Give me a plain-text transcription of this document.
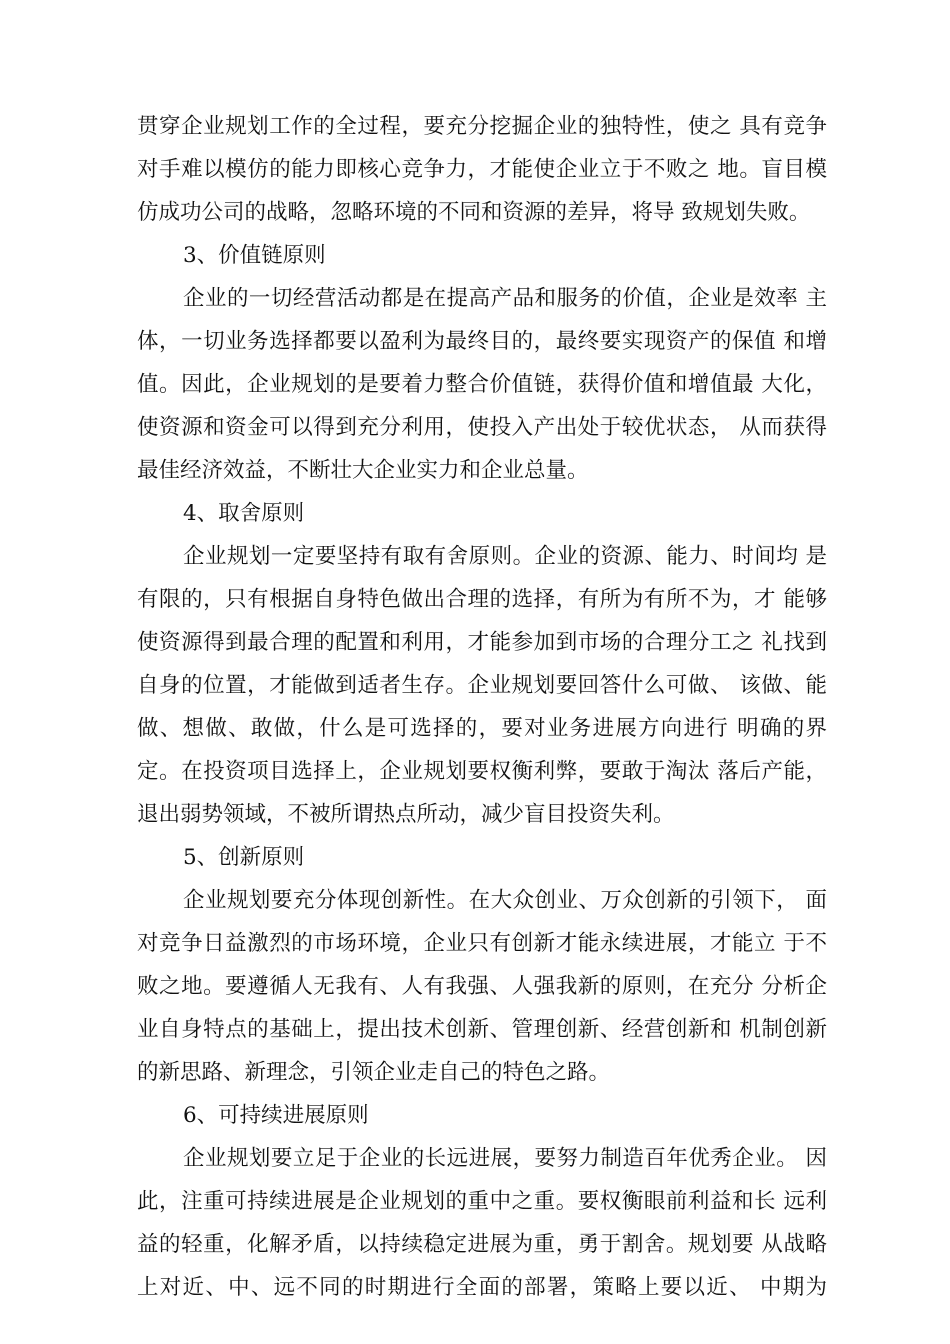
贯穿企业规划工作的全过程，要充分挖掘企业的独特性，使之 具有竞争
对手难以模仿的能力即核心竞争力，才能使企业立于不败之 地。盲目模
仿成功公司的战略，忽略环境的不同和资源的差异，将导 致规划失败。
3、价值链原则
企业的一切经营活动都是在提高产品和服务的价值，企业是效率 主
体，一切业务选择都要以盈利为最终目的，最终要实现资产的保值 和增
值。因此，企业规划的是要着力整合价值链，获得价值和增值最 大化，
使资源和资金可以得到充分利用，使投入产出处于较优状态， 从而获得
最佳经济效益，不断壮大企业实力和企业总量。
4、取舍原则
企业规划一定要坚持有取有舍原则。企业的资源、能力、时间均 是
有限的，只有根据自身特色做出合理的选择，有所为有所不为，才 能够
使资源得到最合理的配置和利用，才能参加到市场的合理分工之 礼找到
自身的位置，才能做到适者生存。企业规划要回答什么可做、 该做、能
做、想做、敢做，什么是可选择的，要对业务进展方向进行 明确的界
定。在投资项目选择上，企业规划要权衡利弊，要敢于淘汰 落后产能，
退出弱势领域，不被所谓热点所动，减少盲目投资失利。
5、创新原则
企业规划要充分体现创新性。在大众创业、万众创新的引领下， 面
对竞争日益激烈的市场环境，企业只有创新才能永续进展，才能立 于不
败之地。要遵循人无我有、人有我强、人强我新的原则，在充分 分析企
业自身特点的基础上，提出技术创新、管理创新、经营创新和 机制创新
的新思路、新理念，引领企业走自己的特色之路。
6、可持续进展原则
企业规划要立足于企业的长远进展，要努力制造百年优秀企业。 因
此，注重可持续进展是企业规划的重中之重。要权衡眼前利益和长 远利
益的轻重，化解矛盾，以持续稳定进展为重，勇于割舍。规划要 从战略
上对近、中、远不同的时期进行全面的部署，策略上要以近、 中期为
